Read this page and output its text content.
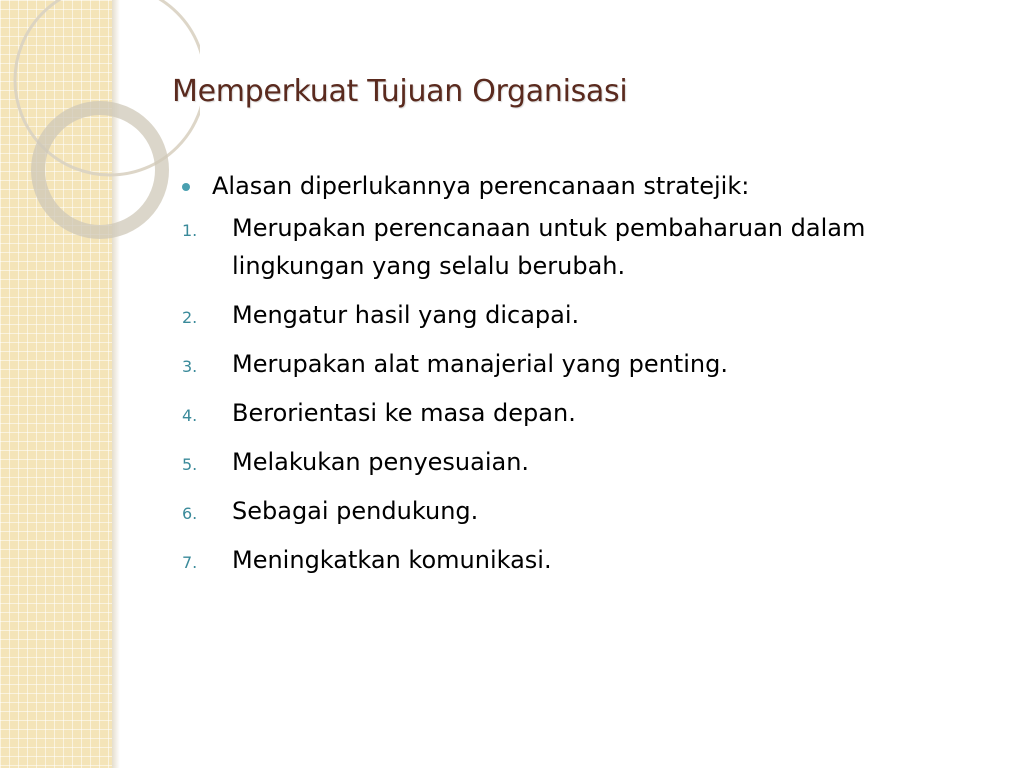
Memperkuat Tujuan Organisasi
Alasan diperlukannya perencanaan stratejik:
1.	Merupakan perencanaan untuk pembaharuan dalam lingkungan yang selalu berubah.
2.	Mengatur hasil yang dicapai.
3.	Merupakan alat manajerial yang penting.
4.	Berorientasi ke masa depan.
5.	Melakukan penyesuaian.
6.	Sebagai pendukung.
7.	Meningkatkan komunikasi.
